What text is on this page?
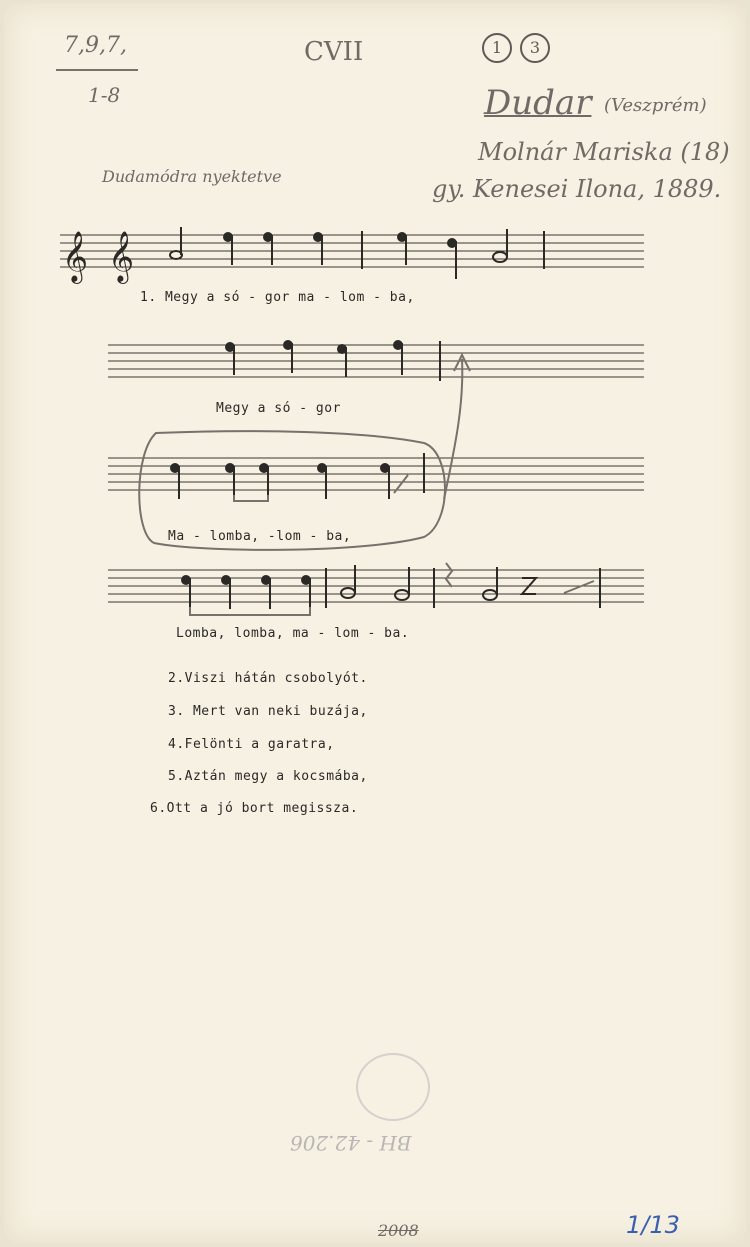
7,9,7,
1-8
CVII	1	3
Dudar (Veszprém)
Molnár Mariska (18)
gy. Kenesei Ilona, 1889.
Dudamódra nyektetve
𝄞 𝄞
1. Megy a só - gor ma - lom - ba,
Megy a só - gor
Ma - lomba, -lom - ba,
Lomba, lomba, ma - lom - ba.
2.Viszi hátán csobolyót.
3. Mert van neki buzája,
4.Felönti a garatra,
5.Aztán megy a kocsmába,
6.Ott a jó bort megissza.
BH - 42.206
2008	1/13
